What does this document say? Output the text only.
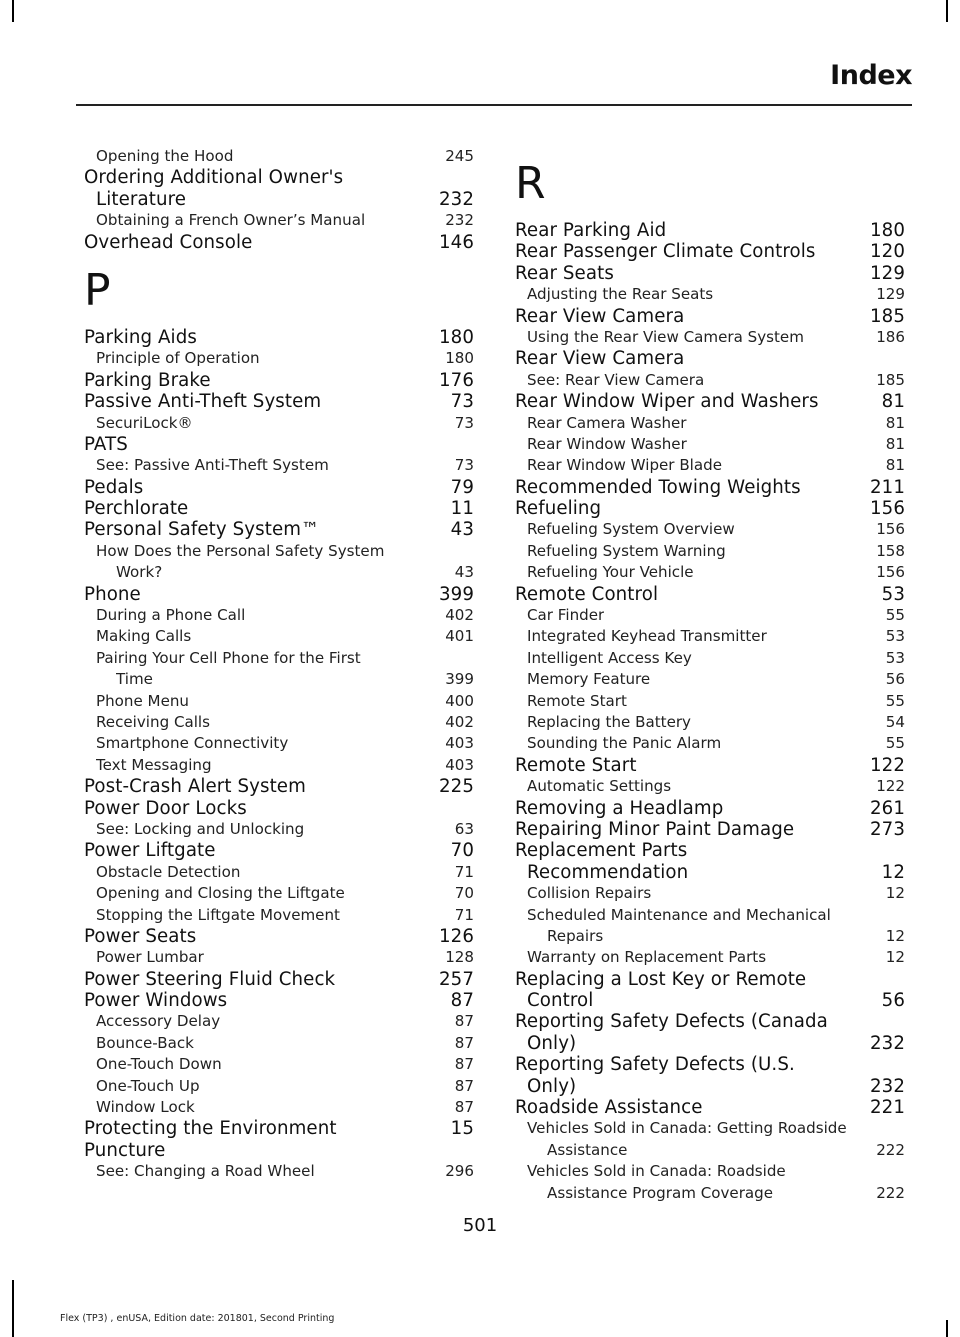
Index
Opening the Hood	245
Ordering Additional Owner's
Literature	232
Obtaining a French Owner’s Manual	232
Overhead Console	146
P
Parking Aids	180
Principle of Operation	180
Parking Brake	176
Passive Anti-Theft System	73
SecuriLock®	73
PATS
See: Passive Anti-Theft System	73
Pedals	79
Perchlorate	11
Personal Safety System™	43
How Does the Personal Safety System
Work?	43
Phone	399
During a Phone Call	402
Making Calls	401
Pairing Your Cell Phone for the First
Time	399
Phone Menu	400
Receiving Calls	402
Smartphone Connectivity	403
Text Messaging	403
Post-Crash Alert System	225
Power Door Locks
See: Locking and Unlocking	63
Power Liftgate	70
Obstacle Detection	71
Opening and Closing the Liftgate	70
Stopping the Liftgate Movement	71
Power Seats	126
Power Lumbar	128
Power Steering Fluid Check	257
Power Windows	87
Accessory Delay	87
Bounce-Back	87
One-Touch Down	87
One-Touch Up	87
Window Lock	87
Protecting the Environment	15
Puncture
See: Changing a Road Wheel	296
R
Rear Parking Aid	180
Rear Passenger Climate Controls	120
Rear Seats	129
Adjusting the Rear Seats	129
Rear View Camera	185
Using the Rear View Camera System	186
Rear View Camera
See: Rear View Camera	185
Rear Window Wiper and Washers	81
Rear Camera Washer	81
Rear Window Washer	81
Rear Window Wiper Blade	81
Recommended Towing Weights	211
Refueling	156
Refueling System Overview	156
Refueling System Warning	158
Refueling Your Vehicle	156
Remote Control	53
Car Finder	55
Integrated Keyhead Transmitter	53
Intelligent Access Key	53
Memory Feature	56
Remote Start	55
Replacing the Battery	54
Sounding the Panic Alarm	55
Remote Start	122
Automatic Settings	122
Removing a Headlamp	261
Repairing Minor Paint Damage	273
Replacement Parts
Recommendation	12
Collision Repairs	12
Scheduled Maintenance and Mechanical
Repairs	12
Warranty on Replacement Parts	12
Replacing a Lost Key or Remote
Control	56
Reporting Safety Defects (Canada
Only)	232
Reporting Safety Defects (U.S.
Only)	232
Roadside Assistance	221
Vehicles Sold in Canada: Getting Roadside
Assistance	222
Vehicles Sold in Canada: Roadside
Assistance Program Coverage	222
501
Flex (TP3) , enUSA, Edition date: 201801, Second Printing
